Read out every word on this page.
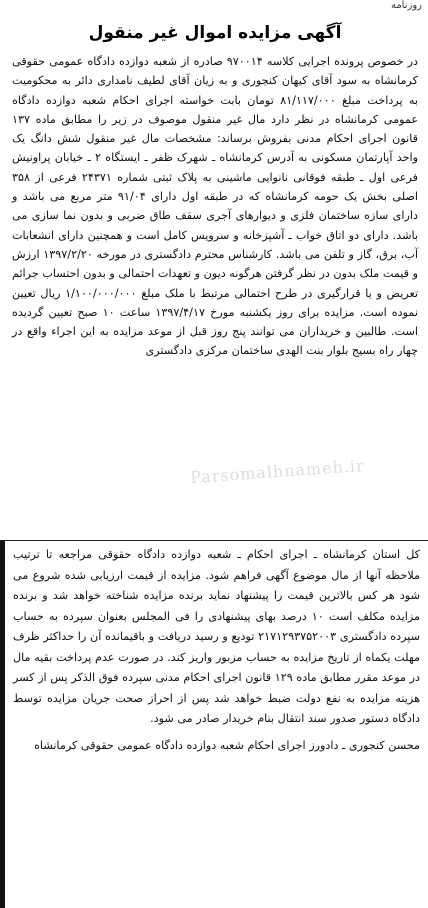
روزنامه
آگهی مزایده اموال غیر منقول

در خصوص پرونده اجرایی کلاسه ۹۷۰۰۱۴ صادره از شعبه دوازده دادگاه عمومی حقوقی کرمانشاه به سود آقای کیهان کنجوری و به زیان آقای لطیف نامداری دائر به محکومیت به پرداخت مبلغ ۸۱/۱۱۷/۰۰۰ تومان بابت خواسته اجرای احکام شعبه دوازده دادگاه عمومی کرمانشاه در نظر دارد مال غیر منقول موصوف در زیر را مطابق ماده ۱۳۷ قانون اجرای احکام مدنی بفروش برساند: مشخصات مال غیر منقول شش دانگ یک واحد آپارتمان مسکونی به آدرس کرمانشاه ـ شهرک ظفر ـ ایستگاه ۲ ـ خیابان پراونیش فرعی اول ـ طبقه فوقانی نانوایی ماشینی به پلاک ثبتی شماره ۲۴۳۷۱ فرعی از ۳۵۸ اصلی بخش یک حومه کرمانشاه که در طبقه اول دارای ۹۱/۰۴ متر مربع می باشد و دارای سازه ساختمان فلزی و دیوارهای آجری سقف طاق ضربی و بدون نما سازی می باشد. دارای دو اتاق خواب ـ آشپزخانه و سرویس کامل است و همچنین دارای انشعابات آب، برق، گاز و تلفن می باشد. کارشناس محترم دادگستری در مورخه ۱۳۹۷/۲/۲۰ ارزش و قیمت ملک بدون در نظر گرفتن هرگونه دیون و تعهدات احتمالی و بدون احتساب جرائم تعریض و یا قرارگیری در طرح احتمالی مرتبط با ملک مبلغ ۱/۱۰۰/۰۰۰/۰۰۰ ریال تعیین نموده است. مزایده برای روز یکشنبه مورخ ۱۳۹۷/۴/۱۷ ساعت ۱۰ صبح تعیین گردیده است. طالبین و خریداران می توانند پنج روز قبل از موعد مزایده به این اجراء واقع در چهار راه بسیج بلوار بنت الهدی ساختمان مرکزی دادگستری

Parsomalhnameh.ir

کل استان کرمانشاه ـ اجرای احکام ـ شعبه دوازده دادگاه حقوقی مراجعه تا ترتیب ملاحظه آنها از مال موضوع آگهی فراهم شود. مزایده از قیمت ارزیابی شده شروع می شود هر کس بالاترین قیمت را پیشنهاد نماید برنده مزایده شناخته خواهد شد و برنده مزایده مکلف است ۱۰ درصد بهای پیشنهادی را فی المجلس بعنوان سپرده به حساب سپرده دادگستری ۲۱۷۱۲۹۳۷۵۲۰۰۳ تودیع و رسید دریافت و باقیمانده آن را حداکثر ظرف مهلت یکماه از تاریخ مزایده به حساب مزبور واریز کند. در صورت عدم پرداخت بقیه مال در موعد مقرر مطابق ماده ۱۲۹ قانون اجرای احکام مدنی سپرده فوق الذکر پس از کسر هزینه مزایده به نفع دولت ضبط خواهد شد پس از احراز صحت جریان مزایده توسط دادگاه دستور صدور سند انتقال بنام خریدار صادر می شود.

محسن کنجوری ـ دادورز اجرای احکام شعبه دوازده دادگاه عمومی حقوقی کرمانشاه
